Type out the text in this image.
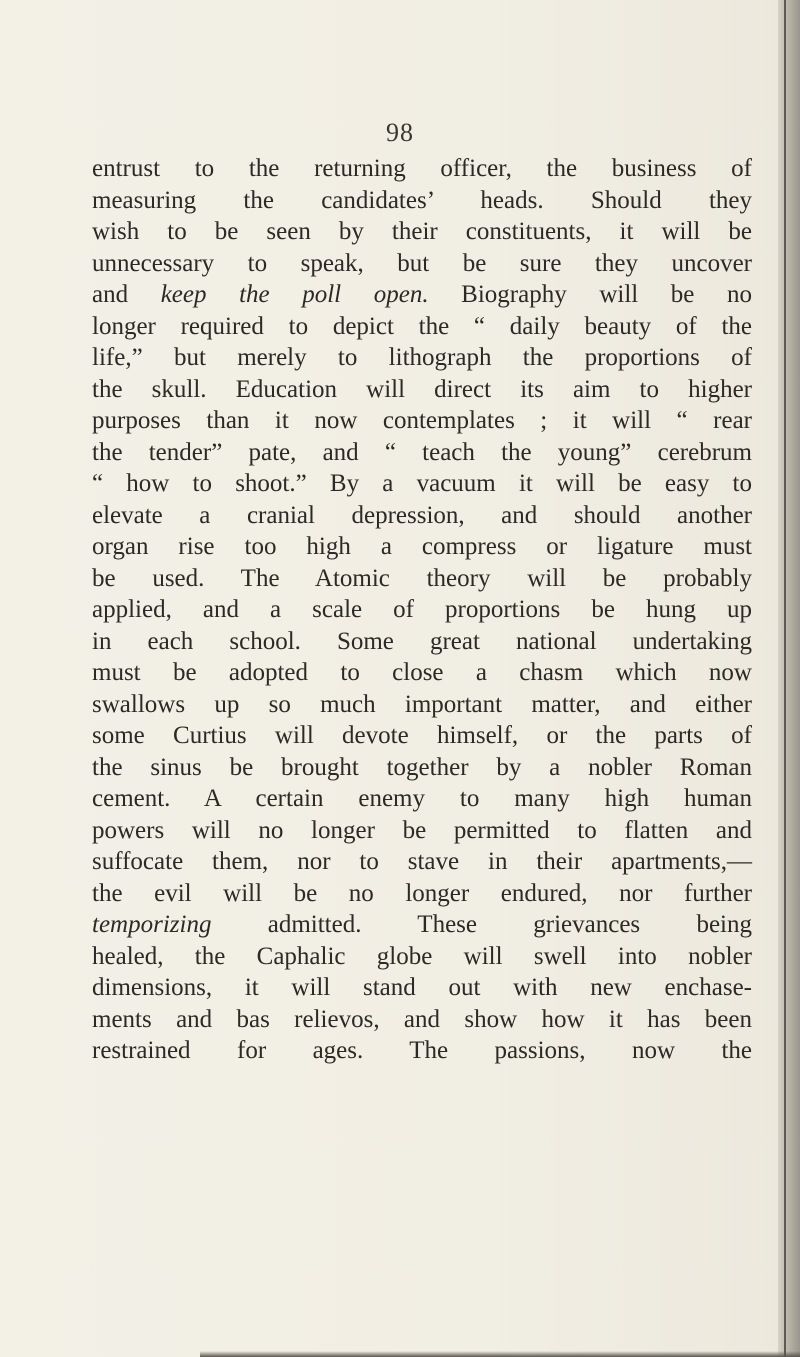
98
entrust to the returning officer, the business of
measuring the candidates’ heads. Should they
wish to be seen by their constituents, it will be
unnecessary to speak, but be sure they uncover
and keep the poll open. Biography will be no
longer required to depict the “ daily beauty of the
life,” but merely to lithograph the proportions of
the skull. Education will direct its aim to higher
purposes than it now contemplates ; it will “ rear
the tender” pate, and “ teach the young” cerebrum
“ how to shoot.” By a vacuum it will be easy to
elevate a cranial depression, and should another
organ rise too high a compress or ligature must
be used. The Atomic theory will be probably
applied, and a scale of proportions be hung up
in each school. Some great national undertaking
must be adopted to close a chasm which now
swallows up so much important matter, and either
some Curtius will devote himself, or the parts of
the sinus be brought together by a nobler Roman
cement. A certain enemy to many high human
powers will no longer be permitted to flatten and
suffocate them, nor to stave in their apartments,—
the evil will be no longer endured, nor further
temporizing admitted. These grievances being
healed, the Caphalic globe will swell into nobler
dimensions, it will stand out with new enchase-
ments and bas relievos, and show how it has been
restrained for ages. The passions, now the
